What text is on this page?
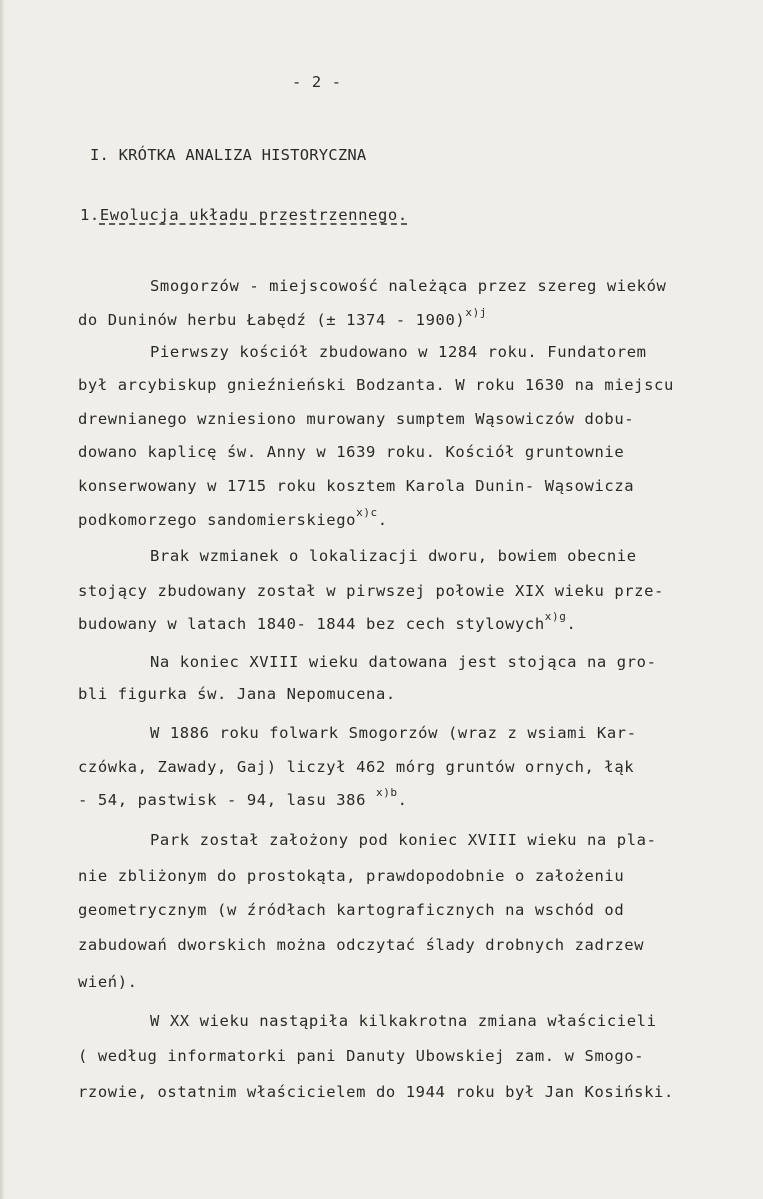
- 2 -
I. KRÓTKA ANALIZA HISTORYCZNA
1.Ewolucja układu przestrzennego.
Smogorzów - miejscowość należąca przez szereg wieków
do Duninów herbu Łabędź (± 1374 - 1900)$^{x)j}$
Pierwszy kościół zbudowano w 1284 roku. Fundatorem
był arcybiskup gnieźnieński Bodzanta. W roku 1630 na miejscu
drewnianego wzniesiono murowany sumptem Wąsowiczów dobu-
dowano kaplicę św. Anny w 1639 roku. Kościół gruntownie
konserwowany w 1715 roku kosztem Karola Dunin- Wąsowicza
podkomorzego sandomierskiego$^{x)c}$.
Brak wzmianek o lokalizacji dworu, bowiem obecnie
stojący zbudowany został w pirwszej połowie XIX wieku prze-
budowany w latach 1840- 1844 bez cech stylowych$^{x)g}$.
Na koniec XVIII wieku datowana jest stojąca na gro-
bli figurka św. Jana Nepomucena.
W 1886 roku folwark Smogorzów (wraz z wsiami Kar-
czówka, Zawady, Gaj) liczył 462 mórg gruntów ornych, łąk
- 54, pastwisk - 94, lasu 386 $^{x)b}$.
Park został założony pod koniec XVIII wieku na pla-
nie zbliżonym do prostokąta, prawdopodobnie o założeniu
geometrycznym (w źródłach kartograficznych na wschód od
zabudowań dworskich można odczytać ślady drobnych zadrzew
wień).
W XX wieku nastąpiła kilkakrotna zmiana właścicieli
( według informatorki pani Danuty Ubowskiej zam. w Smogo-
rzowie, ostatnim właścicielem do 1944 roku był Jan Kosiński.
